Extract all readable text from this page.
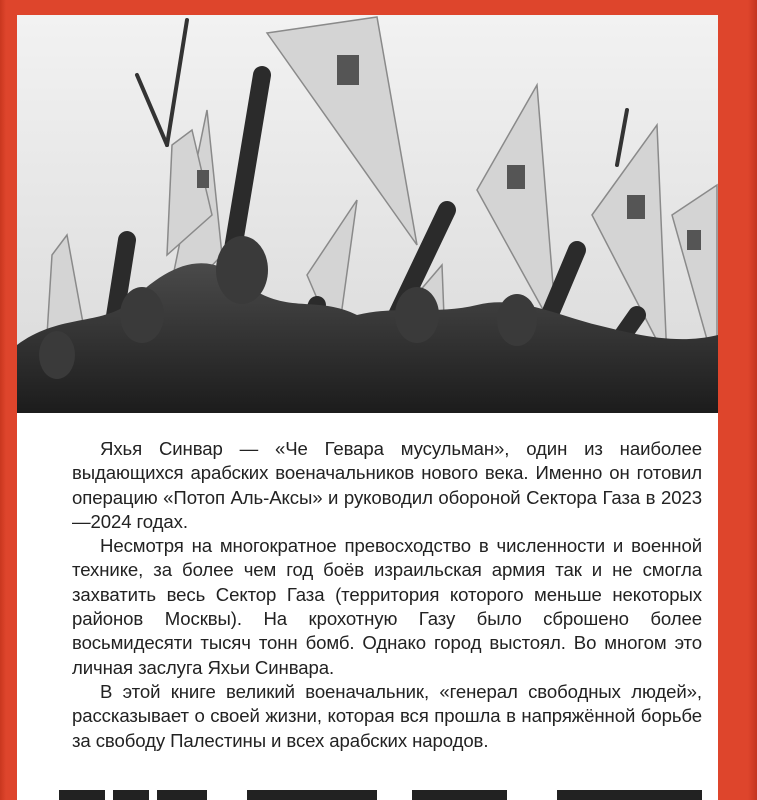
Яхья Синвар — «Че Гевара мусульман», один из наиболее выдающихся арабских военачальников нового века. Именно он готовил операцию «Потоп Аль-Аксы» и руководил обороной Сектора Газа в 2023—2024 годах.

Несмотря на многократное превосходство в численности и военной технике, за более чем год боёв израильская армия так и не смогла захватить весь Сектор Газа (территория которого меньше некоторых районов Москвы). На крохотную Газу было сброшено более восьмидесяти тысяч тонн бомб. Однако город выстоял. Во многом это личная заслуга Яхьи Синвара.

В этой книге великий военачальник, «генерал свободных людей», рассказывает о своей жизни, которая вся прошла в напряжённой борьбе за свободу Палестины и всех арабских народов.
